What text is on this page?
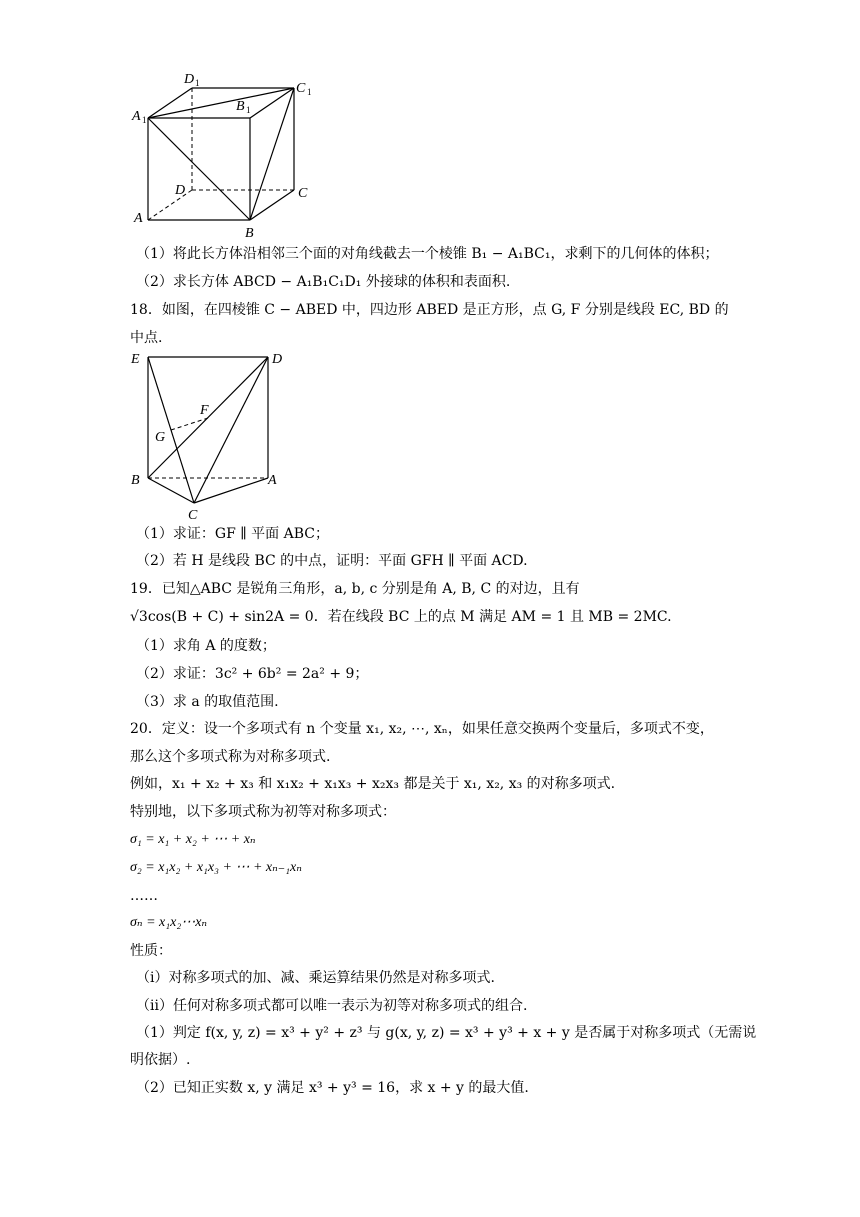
D 1	C 1
B 1
A 1
D	C
A
B
E	D
F
G
B	A
C
（1）将此长方体沿相邻三个面的对角线截去一个棱锥 B₁ − A₁BC₁，求剩下的几何体的体积；
（2）求长方体 ABCD − A₁B₁C₁D₁ 外接球的体积和表面积.
18．如图，在四棱锥 C − ABED 中，四边形 ABED 是正方形，点 G, F 分别是线段 EC, BD 的
中点.
（1）求证：GF ∥ 平面 ABC；
（2）若 H 是线段 BC 的中点，证明：平面 GFH ∥ 平面 ACD.
19．已知△ABC 是锐角三角形，a, b, c 分别是角 A, B, C 的对边，且有
√3cos(B + C) + sin2A = 0．若在线段 BC 上的点 M 满足 AM = 1 且 MB = 2MC.
（1）求角 A 的度数；
（2）求证：3c² + 6b² = 2a² + 9；
（3）求 a 的取值范围.
20．定义：设一个多项式有 n 个变量 x₁, x₂, ⋯, xₙ，如果任意交换两个变量后，多项式不变，
那么这个多项式称为对称多项式.
例如，x₁ + x₂ + x₃ 和 x₁x₂ + x₁x₃ + x₂x₃ 都是关于 x₁, x₂, x₃ 的对称多项式.
特别地，以下多项式称为初等对称多项式：
σ₁ = x₁ + x₂ + ⋯ + xₙ
σ₂ = x₁x₂ + x₁x₃ + ⋯ + xₙ₋₁xₙ
……
σₙ = x₁x₂⋯xₙ
性质：
（i）对称多项式的加、减、乘运算结果仍然是对称多项式.
（ii）任何对称多项式都可以唯一表示为初等对称多项式的组合.
（1）判定 f(x, y, z) = x³ + y² + z³ 与 g(x, y, z) = x³ + y³ + x + y 是否属于对称多项式（无需说
明依据）.
（2）已知正实数 x, y 满足 x³ + y³ = 16，求 x + y 的最大值.
